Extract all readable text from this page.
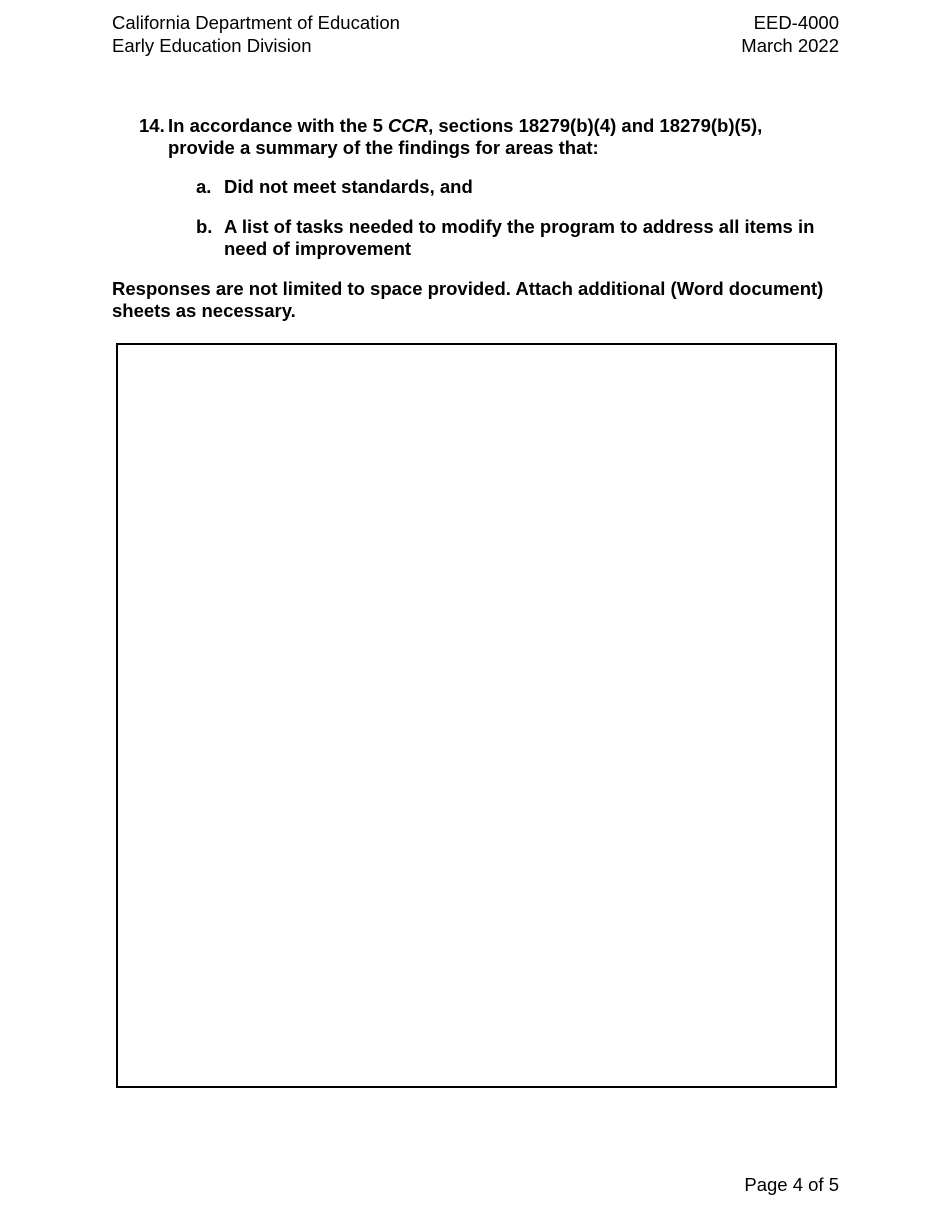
California Department of Education
Early Education Division
EED-4000
March 2022
14. In accordance with the 5 CCR, sections 18279(b)(4) and 18279(b)(5), provide a summary of the findings for areas that:
a. Did not meet standards, and
b. A list of tasks needed to modify the program to address all items in need of improvement
Responses are not limited to space provided. Attach additional (Word document) sheets as necessary.
Page 4 of 5
